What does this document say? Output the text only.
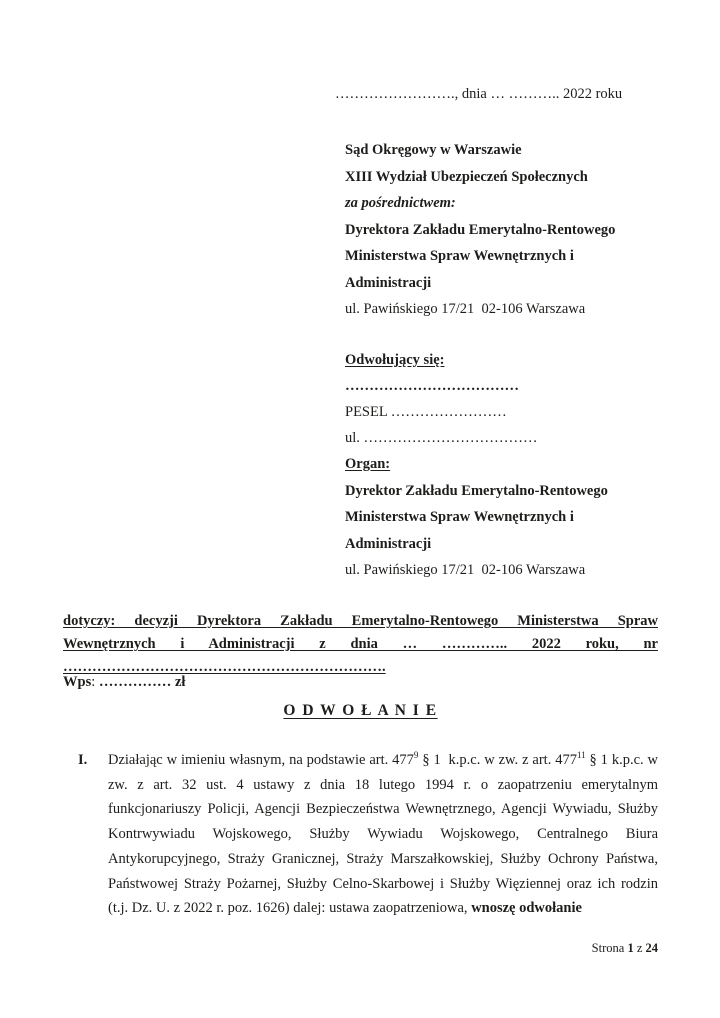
……………………., dnia … ……….. 2022 roku
Sąd Okręgowy w Warszawie
XIII Wydział Ubezpieczeń Społecznych
za pośrednictwem:
Dyrektora Zakładu Emerytalno-Rentowego
Ministerstwa Spraw Wewnętrznych i
Administracji
ul. Pawińskiego 17/21  02-106 Warszawa
Odwołujący się:
………………………………
PESEL ……………………
ul. ………………………………
Organ:
Dyrektor Zakładu Emerytalno-Rentowego
Ministerstwa Spraw Wewnętrznych i
Administracji
ul. Pawińskiego 17/21  02-106 Warszawa
dotyczy: decyzji Dyrektora Zakładu Emerytalno-Rentowego Ministerstwa Spraw Wewnętrznych i Administracji z dnia … ………….. 2022 roku, nr ………………………………………………………….
Wps: …………… zł
O D W O Ł A N I E
I. Działając w imieniu własnym, na podstawie art. $477^9$ § 1  k.p.c. w zw. z art. $477^{11}$ § 1 k.p.c. w zw. z art. 32 ust. 4 ustawy z dnia 18 lutego 1994 r. o zaopatrzeniu emerytalnym funkcjonariuszy Policji, Agencji Bezpieczeństwa Wewnętrznego, Agencji Wywiadu, Służby Kontrwywiadu Wojskowego, Służby Wywiadu Wojskowego, Centralnego Biura Antykorupcyjnego, Straży Granicznej, Straży Marszałkowskiej, Służby Ochrony Państwa, Państwowej Straży Pożarnej, Służby Celno-Skarbowej i Służby Więziennej oraz ich rodzin (t.j. Dz. U. z 2022 r. poz. 1626) dalej: ustawa zaopatrzeniowa, wnoszę odwołanie
Strona 1 z 24
